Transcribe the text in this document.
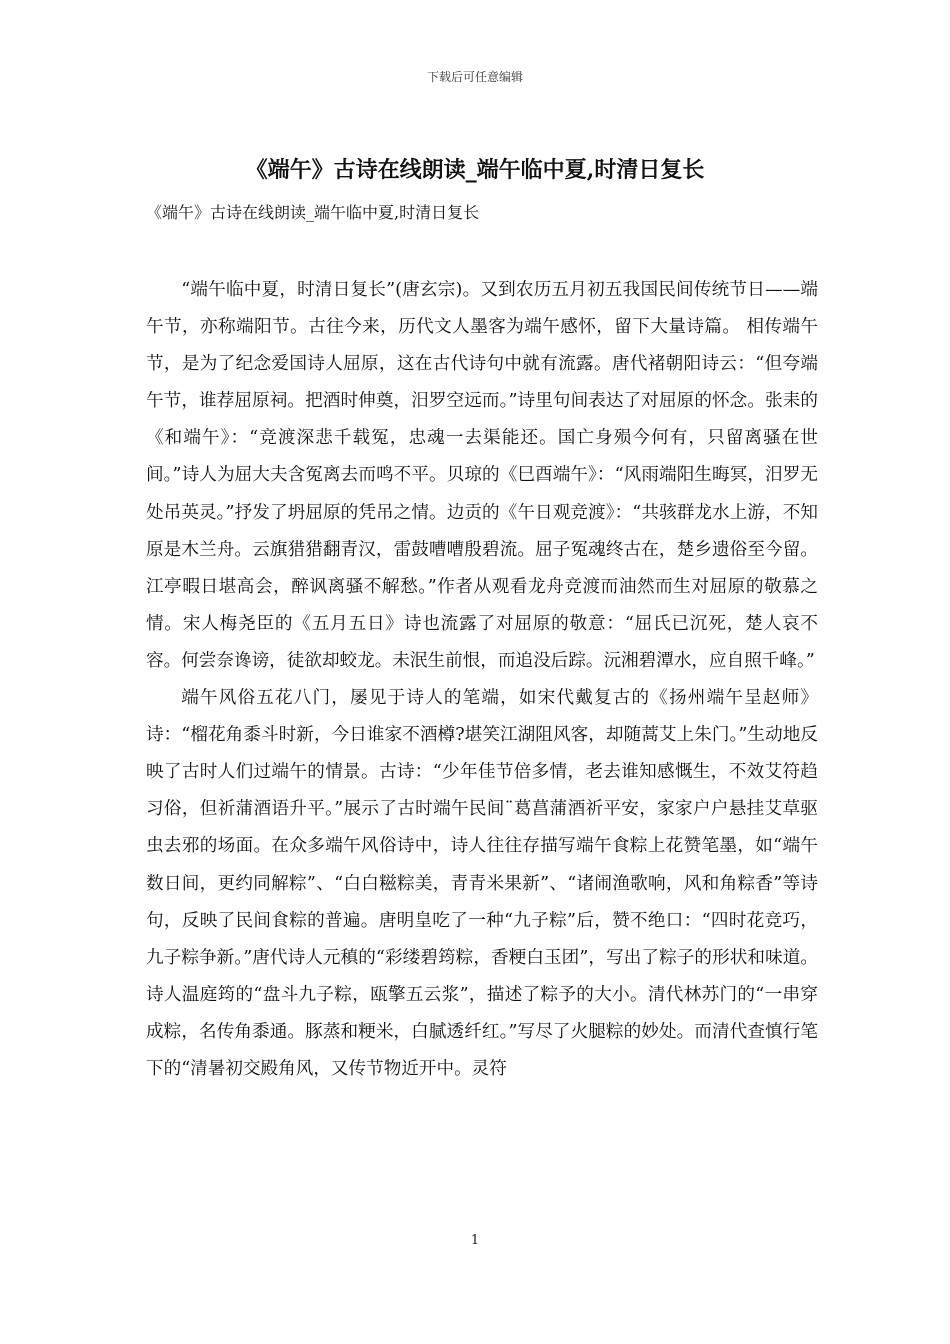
下载后可任意编辑
《端午》古诗在线朗读_端午临中夏,时清日复长

《端午》古诗在线朗读_端午临中夏,时清日复长

“端午临中夏，时清日复长”(唐玄宗)。又到农历五月初五我国民间传统节日——端午节，亦称端阳节。古往今来，历代文人墨客为端午感怀，留下大量诗篇。 相传端午节，是为了纪念爱国诗人屈原，这在古代诗句中就有流露。唐代褚朝阳诗云：“但夸端午节，谁荐屈原祠。把酒时伸奠，汨罗空远而。”诗里句间表达了对屈原的怀念。张耒的《和端午》：“竞渡深悲千载冤，忠魂一去渠能还。国亡身殒今何有，只留离骚在世间。”诗人为屈大夫含冤离去而鸣不平。贝琼的《巳酉端午》：“风雨端阳生晦冥，汨罗无处吊英灵。”抒发了坍屈原的凭吊之情。边贡的《午日观竞渡》：“共骇群龙水上游，不知原是木兰舟。云旗猎猎翻青汉，雷鼓嘈嘈殷碧流。屈子冤魂终古在，楚乡遗俗至今留。江亭暇日堪高会，醉讽离骚不解愁。”作者从观看龙舟竞渡而油然而生对屈原的敬慕之情。宋人梅尧臣的《五月五日》诗也流露了对屈原的敬意：“屈氏已沉死，楚人哀不容。何尝奈谗谤，徒欲却蛟龙。未泯生前恨，而追没后踪。沅湘碧潭水，应自照千峰。”

端午风俗五花八门，屡见于诗人的笔端，如宋代戴复古的《扬州端午呈赵师》诗：“榴花角黍斗时新，今日谁家不酒樽?堪笑江湖阻风客，却随蒿艾上朱门。”生动地反映了古时人们过端午的情景。古诗：“少年佳节倍多情，老去谁知感慨生，不效艾符趋习俗，但祈蒲酒语升平。”展示了古时端午民间¨葛菖蒲酒祈平安，家家户户悬挂艾草驱虫去邪的场面。在众多端午风俗诗中，诗人往往存描写端午食粽上花赞笔墨，如“端午数日间，更约同解粽”、“白白糍粽美，青青米果新”、“诸闹渔歌响，风和角粽香”等诗句，反映了民间食粽的普遍。唐明皇吃了一种“九子粽”后，赞不绝口：“四时花竞巧，九子粽争新。”唐代诗人元稹的“彩缕碧筠粽，香粳白玉团”，写出了粽子的形状和味道。诗人温庭筠的“盘斗九子粽，瓯擎五云浆”，描述了粽予的大小。清代林苏门的“一串穿成粽，名传角黍通。豚蒸和粳米，白腻透纤红。”写尽了火腿粽的妙处。而清代查慎行笔下的“清暑初交殿角风，又传节物近开中。灵符

1
